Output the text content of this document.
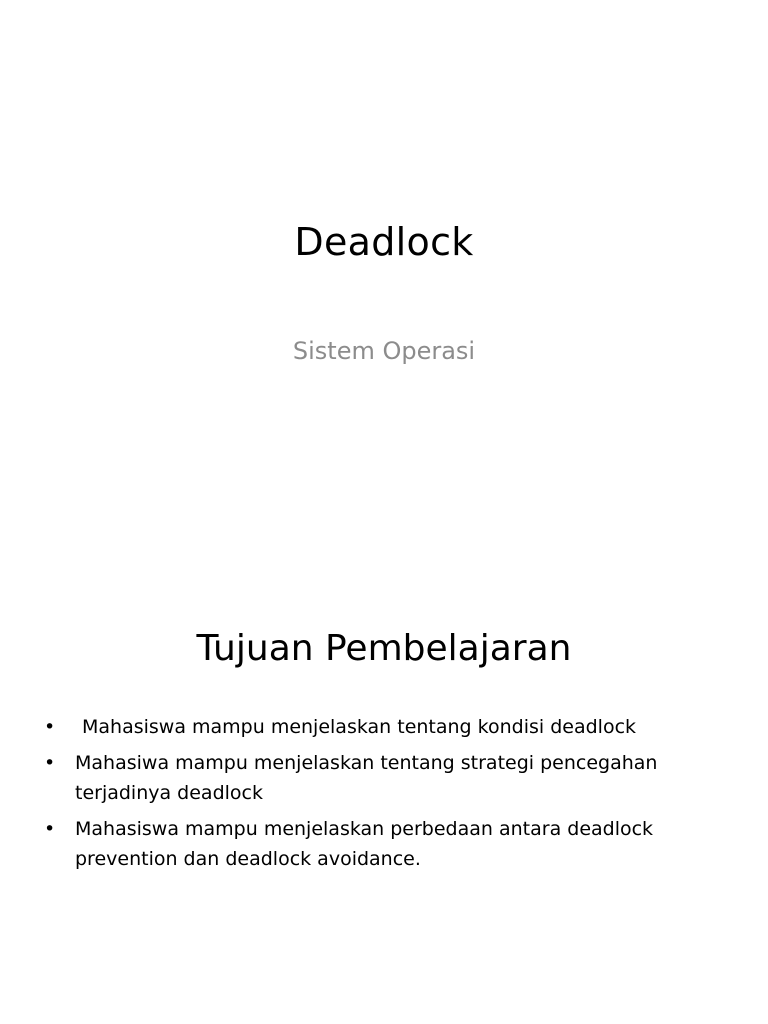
Deadlock

Sistem Operasi

Tujuan Pembelajaran
•	Mahasiswa mampu menjelaskan tentang kondisi deadlock
•	Mahasiwa mampu menjelaskan tentang strategi pencegahan terjadinya deadlock
•	Mahasiswa mampu menjelaskan perbedaan antara deadlock prevention dan deadlock avoidance.
